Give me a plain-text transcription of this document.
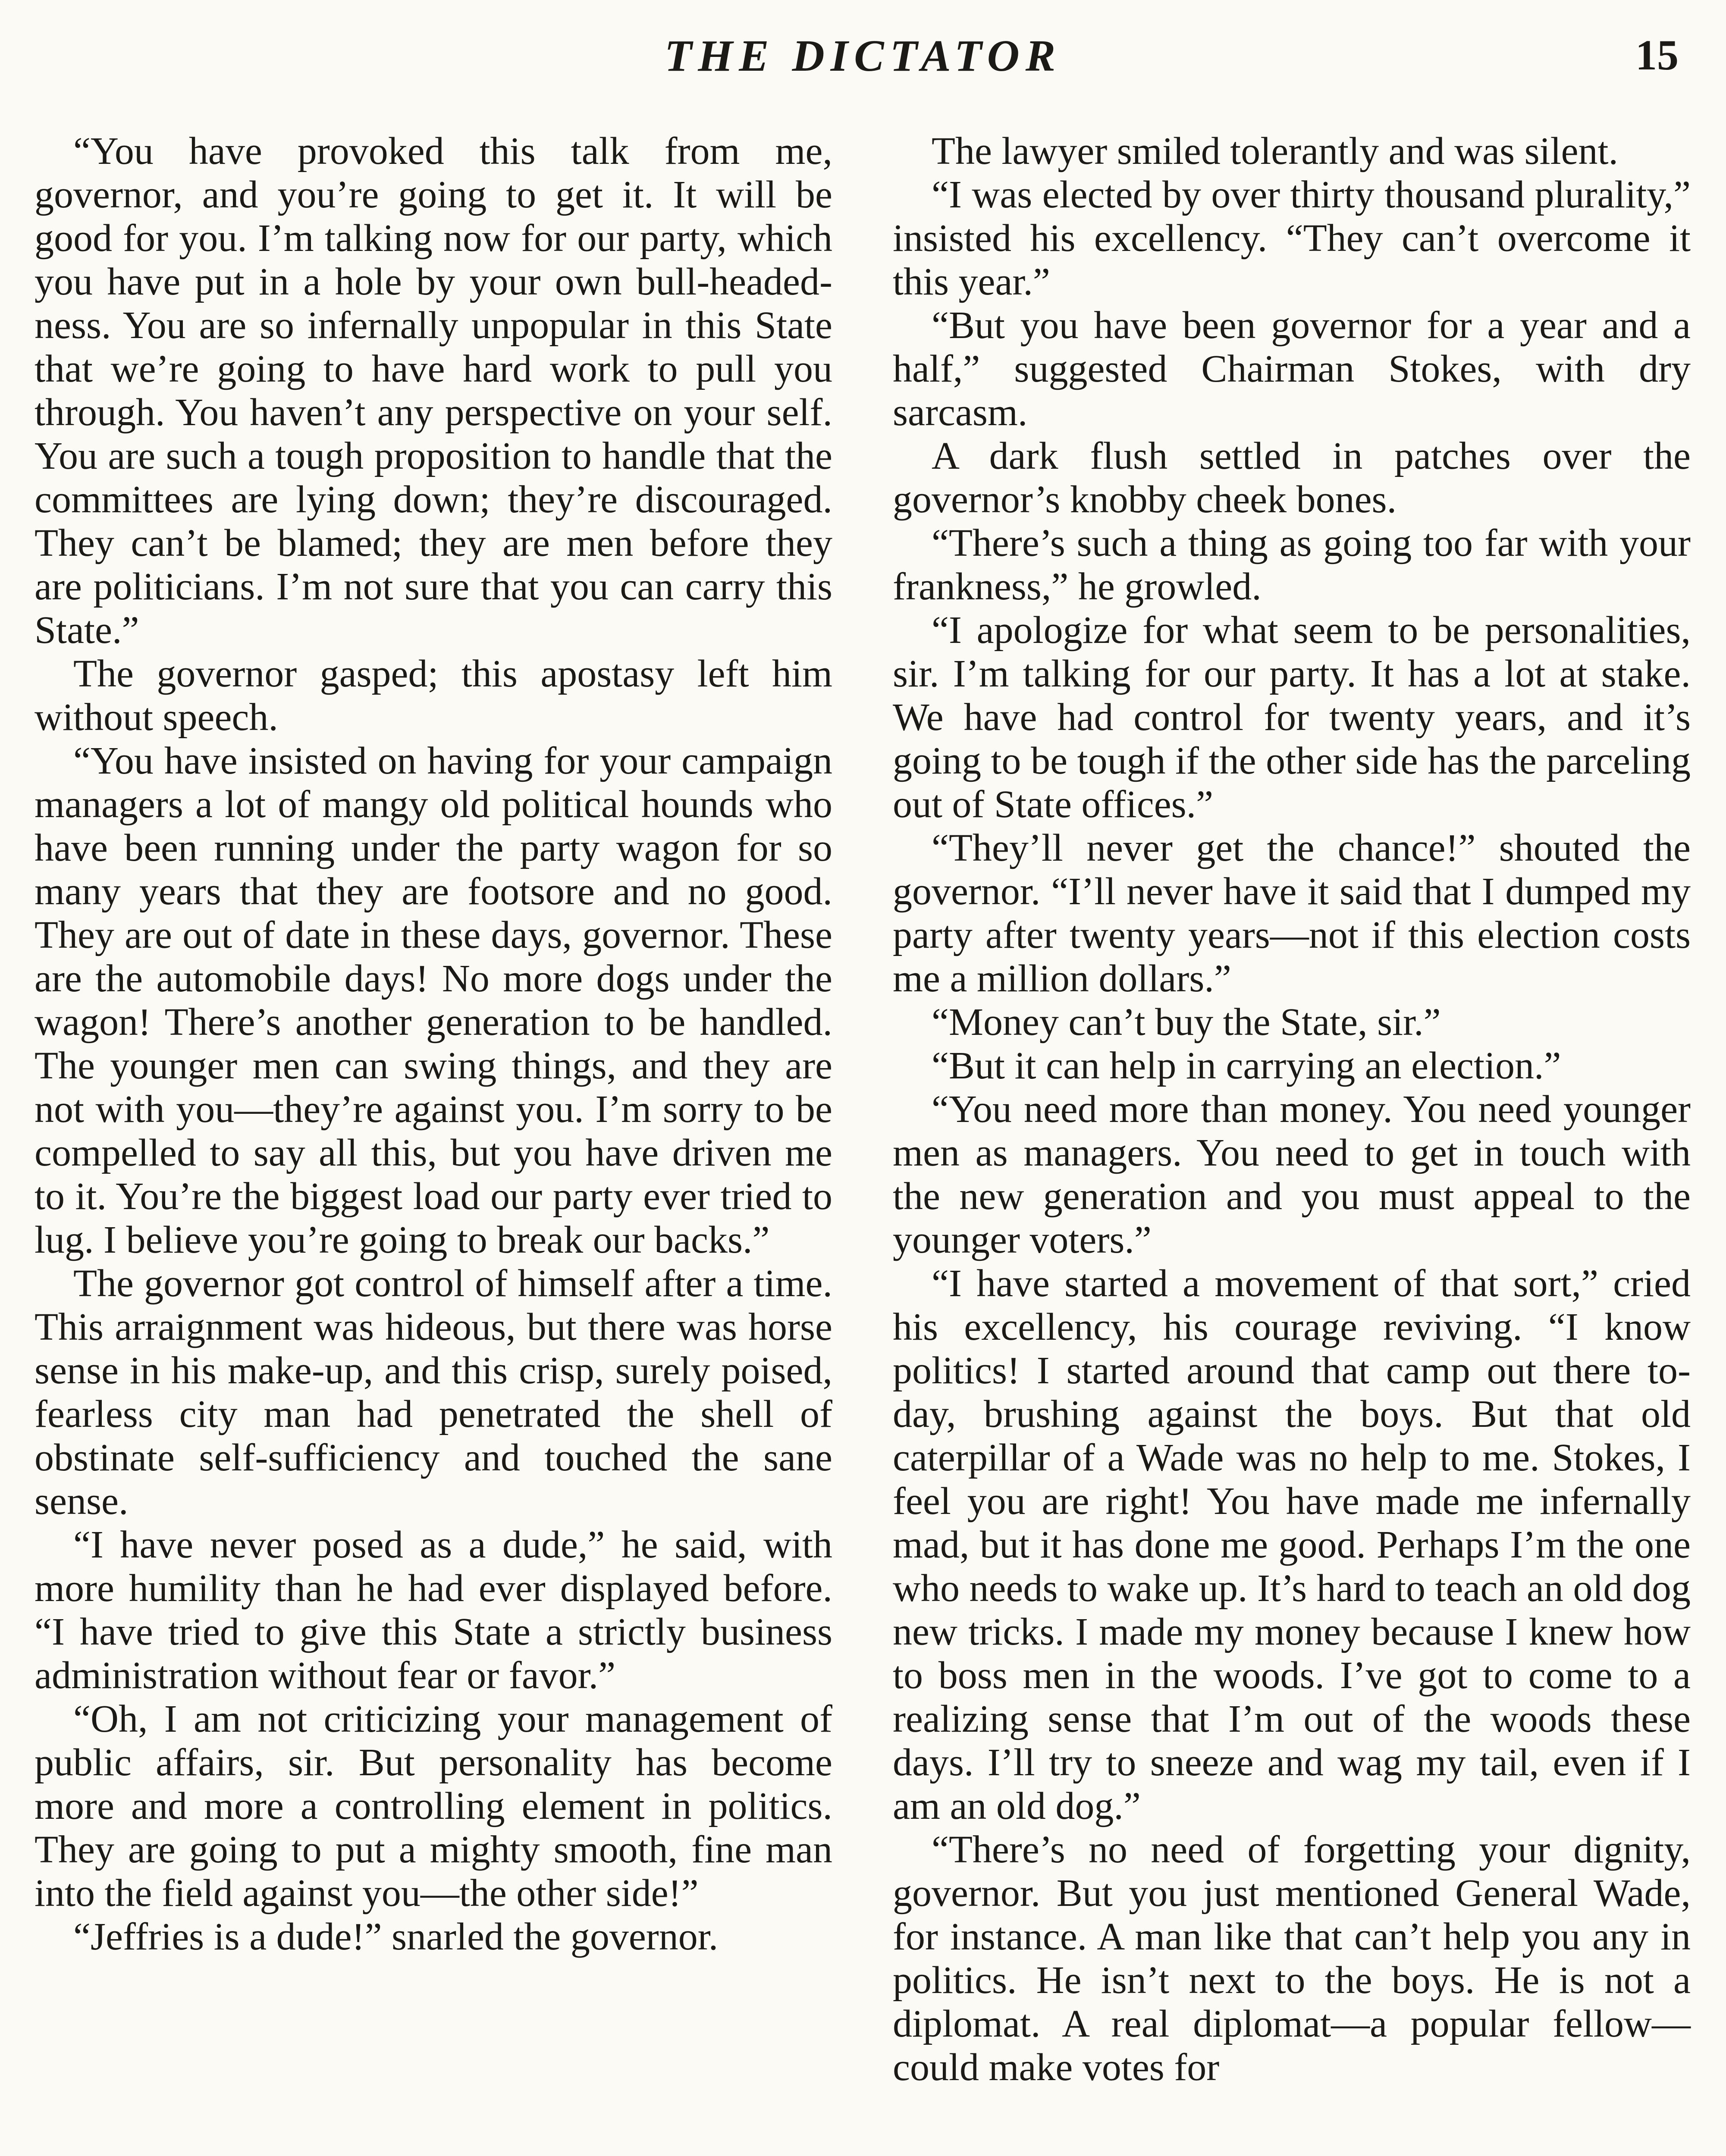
THE DICTATOR	15

“You have provoked this talk from me, governor, and you’re going to get it. It will be good for you. I’m talking now for our party, which you have put in a hole by your own bull-headedness. You are so infernally unpopular in this State that we’re going to have hard work to pull you through. You haven’t any perspective on your self. You are such a tough proposition to handle that the committees are lying down; they’re discouraged. They can’t be blamed; they are men before they are politicians. I’m not sure that you can carry this State.”

The governor gasped; this apostasy left him without speech.

“You have insisted on having for your campaign managers a lot of mangy old political hounds who have been running under the party wagon for so many years that they are footsore and no good. They are out of date in these days, governor. These are the automobile days! No more dogs under the wagon! There’s another generation to be handled. The younger men can swing things, and they are not with you—they’re against you. I’m sorry to be compelled to say all this, but you have driven me to it. You’re the biggest load our party ever tried to lug. I believe you’re going to break our backs.”

The governor got control of himself after a time. This arraignment was hideous, but there was horse sense in his make-up, and this crisp, surely poised, fearless city man had penetrated the shell of obstinate self-sufficiency and touched the sane sense.

“I have never posed as a dude,” he said, with more humility than he had ever displayed before. “I have tried to give this State a strictly business administration without fear or favor.”

“Oh, I am not criticizing your management of public affairs, sir. But personality has become more and more a controlling element in politics. They are going to put a mighty smooth, fine man into the field against you—the other side!”

“Jeffries is a dude!” snarled the governor.

The lawyer smiled tolerantly and was silent.

“I was elected by over thirty thousand plurality,” insisted his excellency. “They can’t overcome it this year.”

“But you have been governor for a year and a half,” suggested Chairman Stokes, with dry sarcasm.

A dark flush settled in patches over the governor’s knobby cheek bones.

“There’s such a thing as going too far with your frankness,” he growled.

“I apologize for what seem to be personalities, sir. I’m talking for our party. It has a lot at stake. We have had control for twenty years, and it’s going to be tough if the other side has the parceling out of State offices.”

“They’ll never get the chance!” shouted the governor. “I’ll never have it said that I dumped my party after twenty years—not if this election costs me a million dollars.”

“Money can’t buy the State, sir.”

“But it can help in carrying an election.”

“You need more than money. You need younger men as managers. You need to get in touch with the new generation and you must appeal to the younger voters.”

“I have started a movement of that sort,” cried his excellency, his courage reviving. “I know politics! I started around that camp out there to-day, brushing against the boys. But that old caterpillar of a Wade was no help to me. Stokes, I feel you are right! You have made me infernally mad, but it has done me good. Perhaps I’m the one who needs to wake up. It’s hard to teach an old dog new tricks. I made my money because I knew how to boss men in the woods. I’ve got to come to a realizing sense that I’m out of the woods these days. I’ll try to sneeze and wag my tail, even if I am an old dog.”

“There’s no need of forgetting your dignity, governor. But you just mentioned General Wade, for instance. A man like that can’t help you any in politics. He isn’t next to the boys. He is not a diplomat. A real diplomat—a popular fellow—could make votes for
